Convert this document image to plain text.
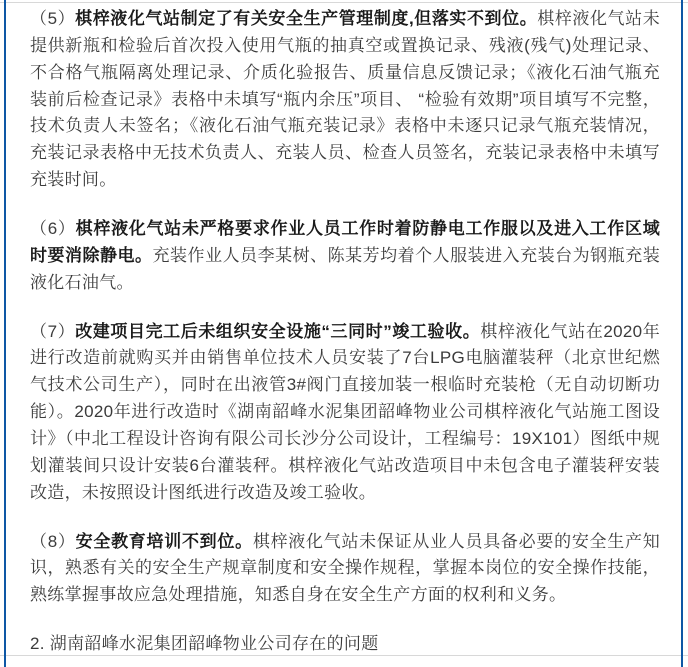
（5）棋梓液化气站制定了有关安全生产管理制度,但落实不到位。棋梓液化气站未提供新瓶和检验后首次投入使用气瓶的抽真空或置换记录、残液(残气)处理记录、不合格气瓶隔离处理记录、介质化验报告、质量信息反馈记录；《液化石油气瓶充装前后检查记录》表格中未填写“瓶内余压”项目、 “检验有效期”项目填写不完整，技术负责人未签名；《液化石油气瓶充装记录》表格中未逐只记录气瓶充装情况，充装记录表格中无技术负责人、充装人员、检查人员签名，充装记录表格中未填写充装时间。

（6）棋梓液化气站未严格要求作业人员工作时着防静电工作服以及进入工作区域时要消除静电。充装作业人员李某树、陈某芳均着个人服装进入充装台为钢瓶充装液化石油气。

（7）改建项目完工后未组织安全设施“三同时”竣工验收。棋梓液化气站在2020年进行改造前就购买并由销售单位技术人员安装了7台LPG电脑灌装秤（北京世纪燃气技术公司生产），同时在出液管3#阀门直接加装一根临时充装枪（无自动切断功能）。2020年进行改造时《湖南韶峰水泥集团韶峰物业公司棋梓液化气站施工图设计》（中北工程设计咨询有限公司长沙分公司设计，工程编号：19X101）图纸中规划灌装间只设计安装6台灌装秤。棋梓液化气站改造项目中未包含电子灌装秤安装改造，未按照设计图纸进行改造及竣工验收。

（8）安全教育培训不到位。棋梓液化气站未保证从业人员具备必要的安全生产知识，熟悉有关的安全生产规章制度和安全操作规程，掌握本岗位的安全操作技能，熟练掌握事故应急处理措施，知悉自身在安全生产方面的权利和义务。

2. 湖南韶峰水泥集团韶峰物业公司存在的问题
